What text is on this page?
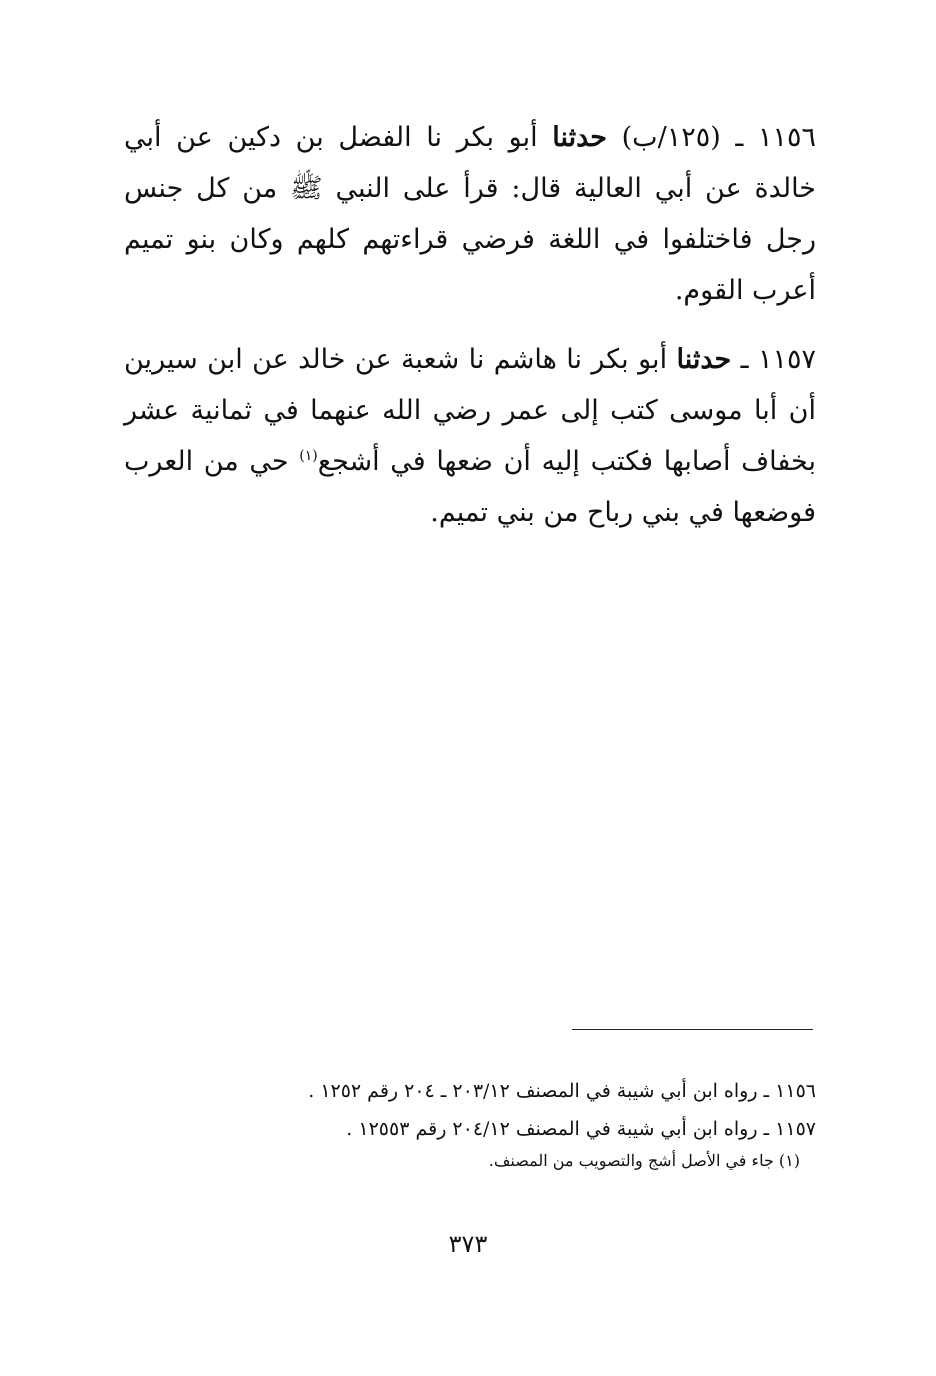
١١٥٦ ـ (١٢٥/ب) حدثنا أبو بكر نا الفضل بن دكين عن أبي خالدة عن أبي العالية قال: قرأ على النبي ﷺ من كل جنس رجل فاختلفوا في اللغة فرضي قراءتهم كلهم وكان بنو تميم أعرب القوم.

١١٥٧ ـ حدثنا أبو بكر نا هاشم نا شعبة عن خالد عن ابن سيرين أن أبا موسى كتب إلى عمر رضي الله عنهما في ثمانية عشر بخفاف أصابها فكتب إليه أن ضعها في أشجع$^{(١)}$ حي من العرب فوضعها في بني رباح من بني تميم.

١١٥٦ ـ رواه ابن أبي شيبة في المصنف ٢٠٣/١٢ ـ ٢٠٤ رقم ١٢٥٢ .

١١٥٧ ـ رواه ابن أبي شيبة في المصنف ٢٠٤/١٢ رقم ١٢٥٥٣ .

(١) جاء في الأصل أشج والتصويب من المصنف.

٣٧٣
